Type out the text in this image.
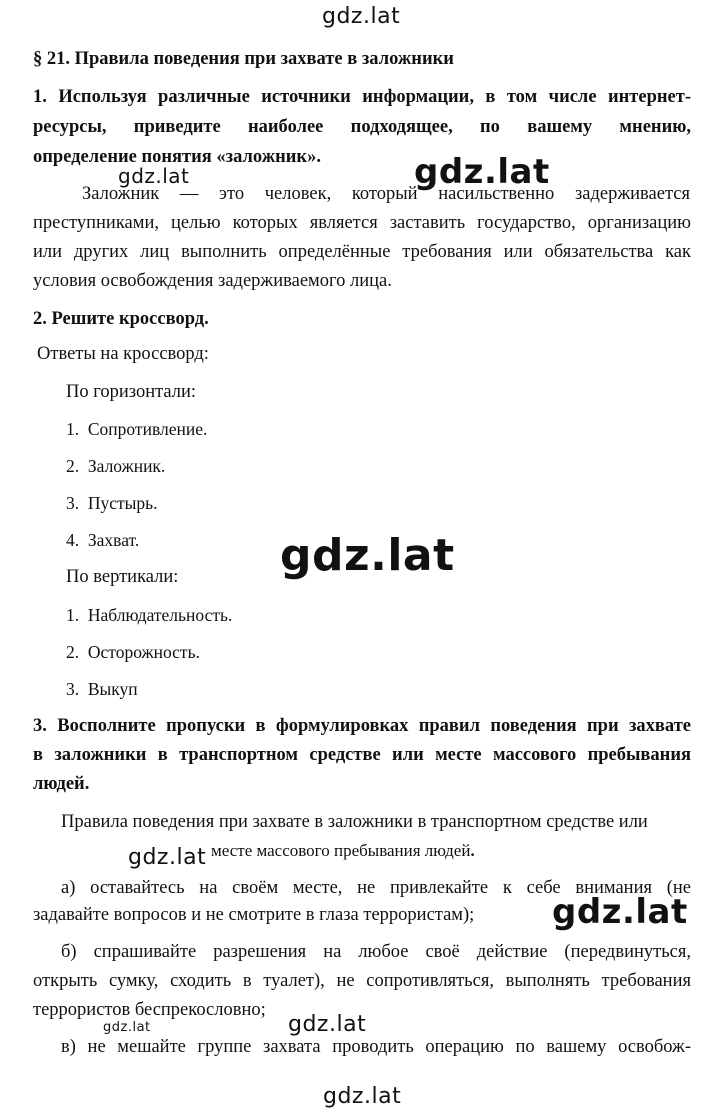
gdz.lat
gdz.lat	gdz.lat
gdz.lat
gdz.lat
gdz.lat
gdz.lat	gdz.lat
gdz.lat
§ 21. Правила поведения при захвате в заложники
1. Используя различные источники информации, в том числе интернет-
ресурсы, приведите наиболее подходящее, по вашему мнению,
определение понятия «заложник».
Заложник — это человек, который насильственно задерживается
преступниками, целью которых является заставить государство, организацию
или других лиц выполнить определённые требования или обязательства как
условия освобождения задерживаемого лица.
2. Решите кроссворд.
Ответы на кроссворд:
По горизонтали:
1. Сопротивление.
2. Заложник.
3. Пустырь.
4. Захват.
По вертикали:
1. Наблюдательность.
2. Осторожность.
3. Выкуп
3. Восполните пропуски в формулировках правил поведения при захвате
в заложники в транспортном средстве или месте массового пребывания
людей.
Правила поведения при захвате в заложники в транспортном средстве или
месте массового пребывания людей.
а) оставайтесь на своём месте, не привлекайте к себе внимания (не
задавайте вопросов и не смотрите в глаза террористам);
б) спрашивайте разрешения на любое своё действие (передвинуться,
открыть сумку, сходить в туалет), не сопротивляться, выполнять требования
террористов беспрекословно;
в) не мешайте группе захвата проводить операцию по вашему освобож-
